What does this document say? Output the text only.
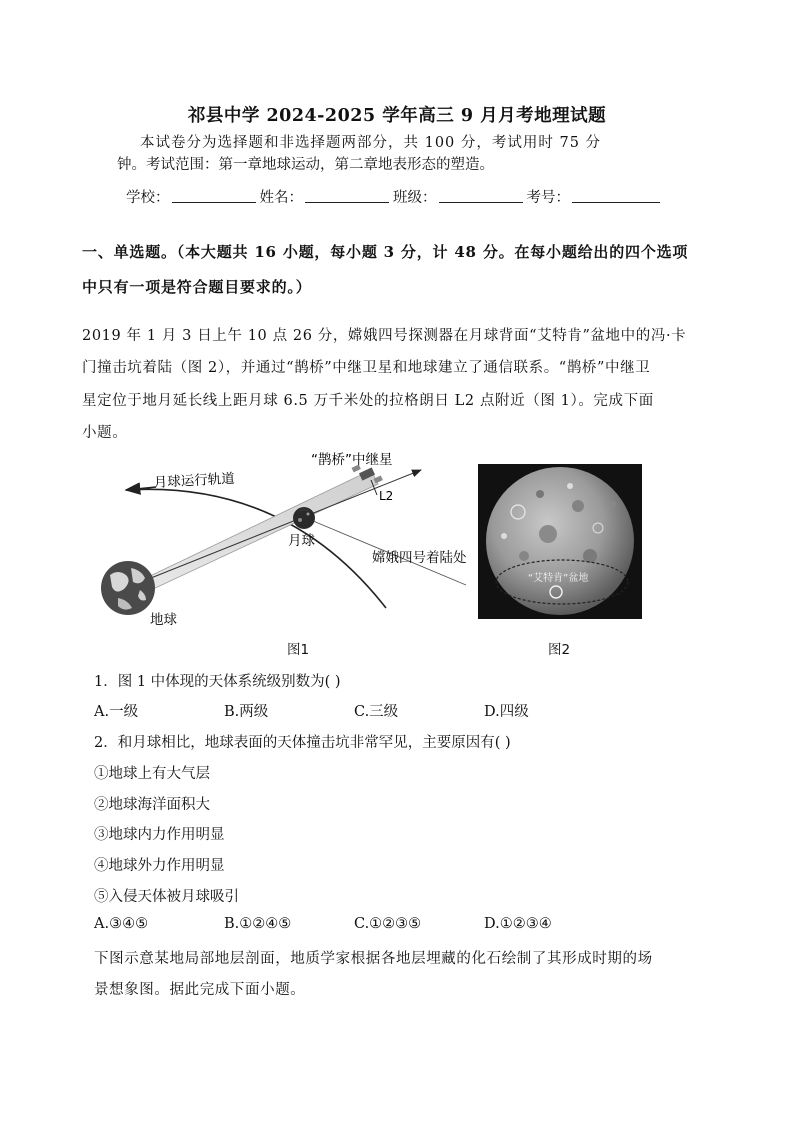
祁县中学 2024-2025 学年高三 9 月月考地理试题
本试卷分为选择题和非选择题两部分，共 100 分，考试用时 75 分
钟。考试范围：第一章地球运动，第二章地表形态的塑造。
学校：	姓名：	班级：	考号：
一、单选题。（本大题共 16 小题，每小题 3 分，计 48 分。在每小题给出的四个选项
中只有一项是符合题目要求的。）
2019 年 1 月 3 日上午 10 点 26 分，嫦娥四号探测器在月球背面“艾特肯”盆地中的冯·卡
门撞击坑着陆（图 2），并通过“鹊桥”中继卫星和地球建立了通信联系。“鹊桥”中继卫
星定位于地月延长线上距月球 6.5 万千米处的拉格朗日 L2 点附近（图 1）。完成下面
小题。
月球运行轨道
“鹊桥”中继星
L2
月球
嫦娥四号着陆处
地球
图1
“艾特肯”盆地
图2
1．图 1 中体现的天体系统级别数为( )
A.一级	B.两级	C.三级	D.四级
2．和月球相比，地球表面的天体撞击坑非常罕见，主要原因有( )
①地球上有大气层
②地球海洋面积大
③地球内力作用明显
④地球外力作用明显
⑤入侵天体被月球吸引
A.③④⑤	B.①②④⑤	C.①②③⑤	D.①②③④
下图示意某地局部地层剖面，地质学家根据各地层埋藏的化石绘制了其形成时期的场
景想象图。据此完成下面小题。
